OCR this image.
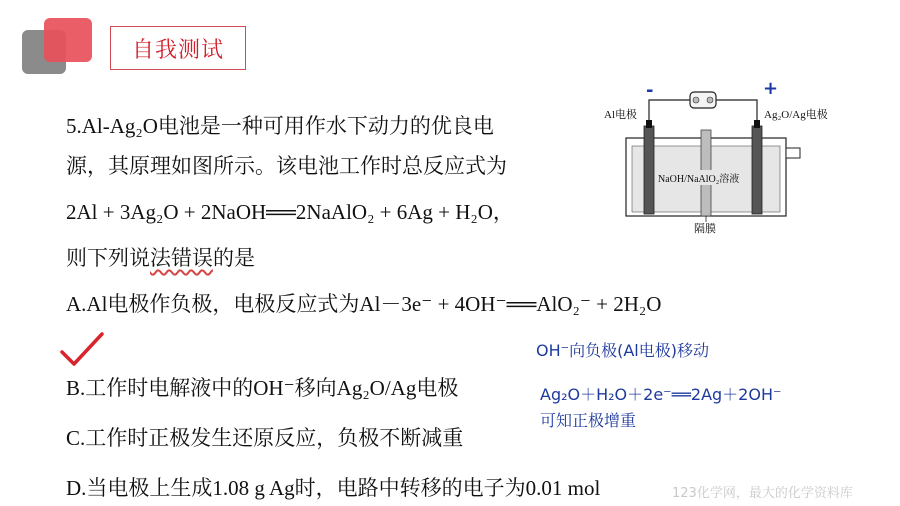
自我测试
5.Al-Ag₂O电池是一种可用作水下动力的优良电
源，其原理如图所示。该电池工作时总反应式为
2Al + 3Ag₂O + 2NaOH══2NaAlO₂ + 6Ag + H₂O，
则下列说法错误的是
A.Al电极作负极，电极反应式为Al－3e⁻ + 4OH⁻══AlO₂⁻ + 2H₂O
B.工作时电解液中的OH⁻移向Ag₂O/Ag电极
C.工作时正极发生还原反应，负极不断减重
D.当电极上生成1.08 g Ag时，电路中转移的电子为0.01 mol
OH⁻向负极(Al电极)移动
Ag₂O＋H₂O＋2e⁻══2Ag＋2OH⁻
可知正极增重
-	+
Al电极	Ag₂O/Ag电极
NaOH/NaAlO₂溶液
隔膜
123化学网，最大的化学资料库
